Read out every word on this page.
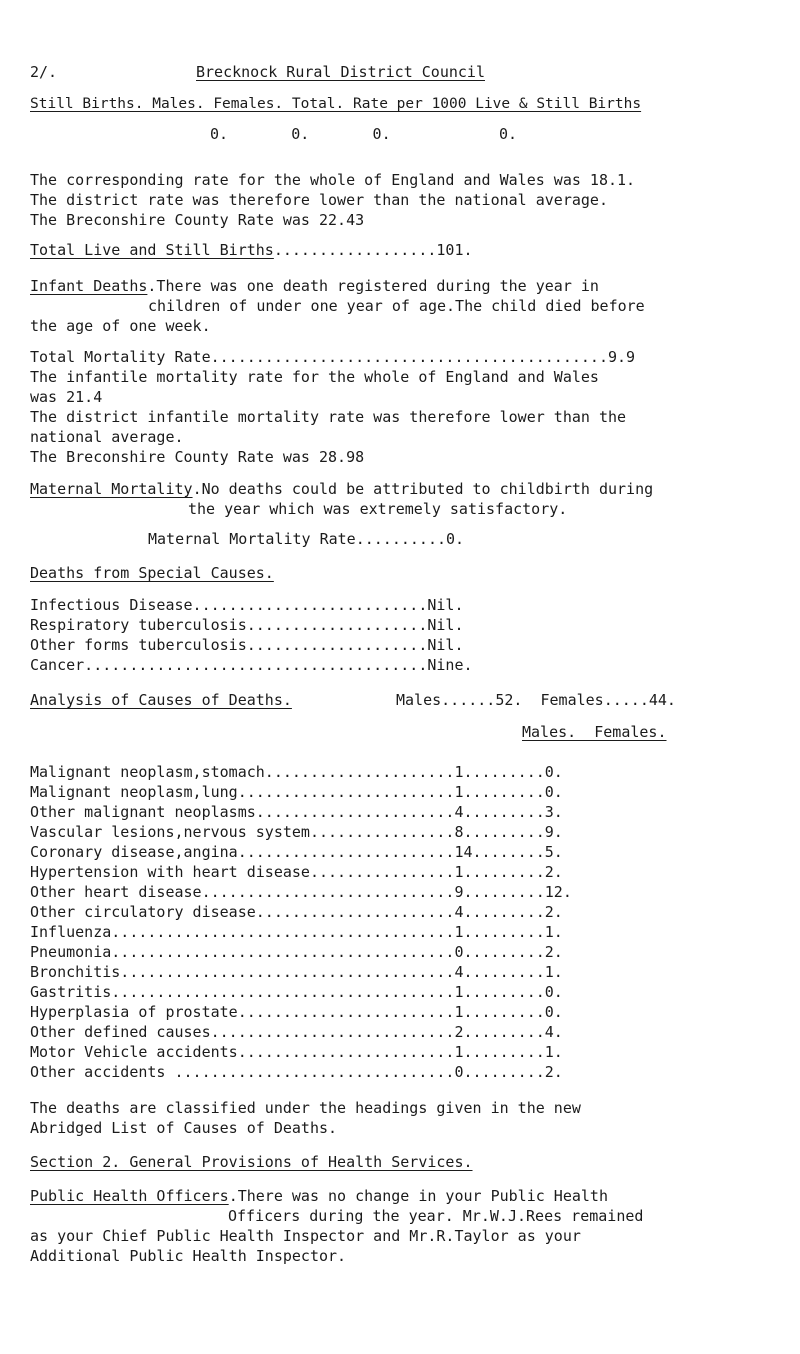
2/.	Brecknock Rural District Council
Still Births. Males. Females. Total. Rate per 1000 Live & Still Births
0.       0.       0.            0.
The corresponding rate for the whole of England and Wales was 18.1.
The district rate was therefore lower than the national average.
The Breconshire County Rate was 22.43
Total Live and Still Births..................101.
Infant Deaths.There was one death registered during the year in
children of under one year of age.The child died before
the age of one week.
Total Mortality Rate............................................9.9
The infantile mortality rate for the whole of England and Wales
was 21.4
The district infantile mortality rate was therefore lower than the
national average.
The Breconshire County Rate was 28.98
Maternal Mortality.No deaths could be attributed to childbirth during
the year which was extremely satisfactory.
Maternal Mortality Rate..........0.
Deaths from Special Causes.
Infectious Disease..........................Nil.
Respiratory tuberculosis....................Nil.
Other forms tuberculosis....................Nil.
Cancer......................................Nine.
Analysis of Causes of Deaths.	Males......52.  Females.....44.
Males.  Females.
Malignant neoplasm,stomach.....................1.........0.
Malignant neoplasm,lung........................1.........0.
Other malignant neoplasms......................4.........3.
Vascular lesions,nervous system................8.........9.
Coronary disease,angina........................14........5.
Hypertension with heart disease................1.........2.
Other heart disease............................9.........12.
Other circulatory disease......................4.........2.
Influenza......................................1.........1.
Pneumonia......................................0.........2.
Bronchitis.....................................4.........1.
Gastritis......................................1.........0.
Hyperplasia of prostate........................1.........0.
Other defined causes...........................2.........4.
Motor Vehicle accidents........................1.........1.
Other accidents ...............................0.........2.
The deaths are classified under the headings given in the new
Abridged List of Causes of Deaths.
Section 2. General Provisions of Health Services.
Public Health Officers.There was no change in your Public Health
Officers during the year. Mr.W.J.Rees remained
as your Chief Public Health Inspector and Mr.R.Taylor as your
Additional Public Health Inspector.
